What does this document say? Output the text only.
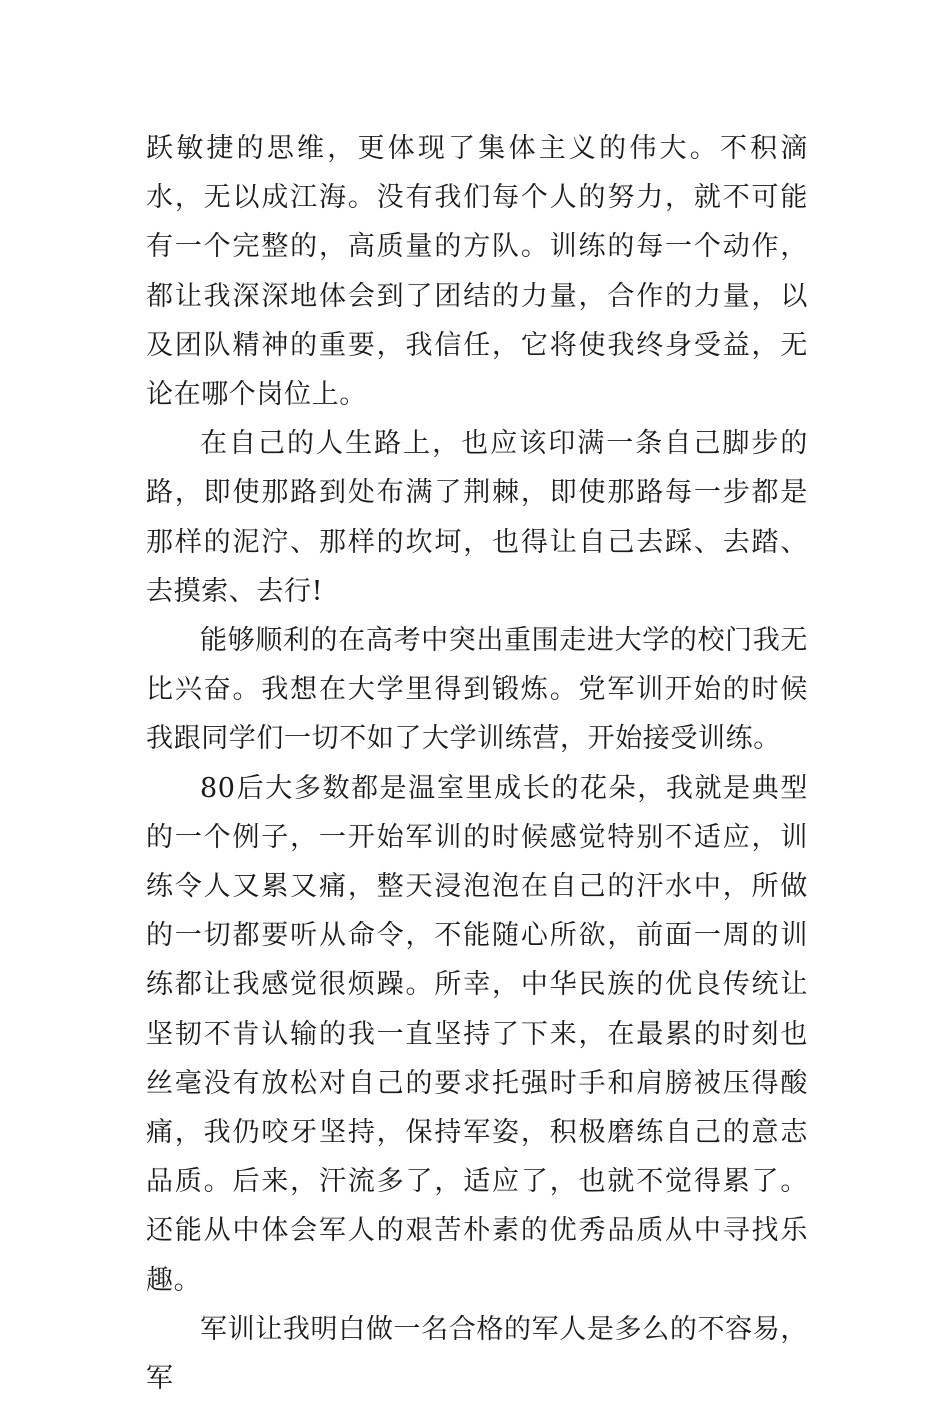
跃敏捷的思维，更体现了集体主义的伟大。不积滴水，无以成江海。没有我们每个人的努力，就不可能有一个完整的，高质量的方队。训练的每一个动作，都让我深深地体会到了团结的力量，合作的力量，以及团队精神的重要，我信任，它将使我终身受益，无论在哪个岗位上。

在自己的人生路上，也应该印满一条自己脚步的路，即使那路到处布满了荆棘，即使那路每一步都是那样的泥泞、那样的坎坷，也得让自己去踩、去踏、去摸索、去行!

能够顺利的在高考中突出重围走进大学的校门我无比兴奋。我想在大学里得到锻炼。党军训开始的时候我跟同学们一切不如了大学训练营，开始接受训练。

80后大多数都是温室里成长的花朵，我就是典型的一个例子，一开始军训的时候感觉特别不适应，训练令人又累又痛，整天浸泡泡在自己的汗水中，所做的一切都要听从命令，不能随心所欲，前面一周的训练都让我感觉很烦躁。所幸，中华民族的优良传统让坚韧不肯认输的我一直坚持了下来，在最累的时刻也丝毫没有放松对自己的要求托强时手和肩膀被压得酸痛，我仍咬牙坚持，保持军姿，积极磨练自己的意志品质。后来，汗流多了，适应了，也就不觉得累了。还能从中体会军人的艰苦朴素的优秀品质从中寻找乐趣。

军训让我明白做一名合格的军人是多么的不容易，军
